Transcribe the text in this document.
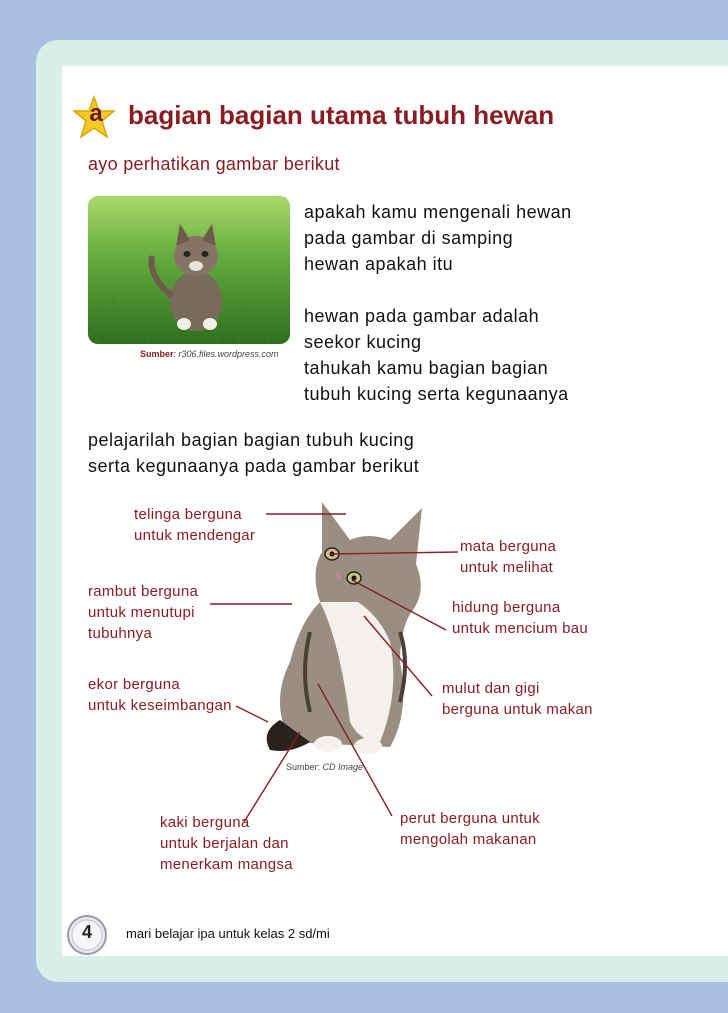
a bagian bagian utama tubuh hewan
ayo perhatikan gambar berikut
Sumber: r306.files.wordpress.com
apakah kamu mengenali hewan
pada gambar di samping
hewan apakah itu
hewan pada gambar adalah
seekor kucing
tahukah kamu bagian bagian
tubuh kucing serta kegunaanya
pelajarilah bagian bagian tubuh kucing
serta kegunaanya pada gambar berikut
Sumber: CD Image
telinga berguna
untuk mendengar
mata berguna
untuk melihat
rambut berguna
untuk menutupi
tubuhnya
hidung berguna
untuk mencium bau
ekor berguna
untuk keseimbangan
mulut dan gigi
berguna untuk makan
kaki berguna
untuk berjalan dan
menerkam mangsa
perut berguna untuk
mengolah makanan
4	mari belajar ipa untuk kelas 2 sd/mi
